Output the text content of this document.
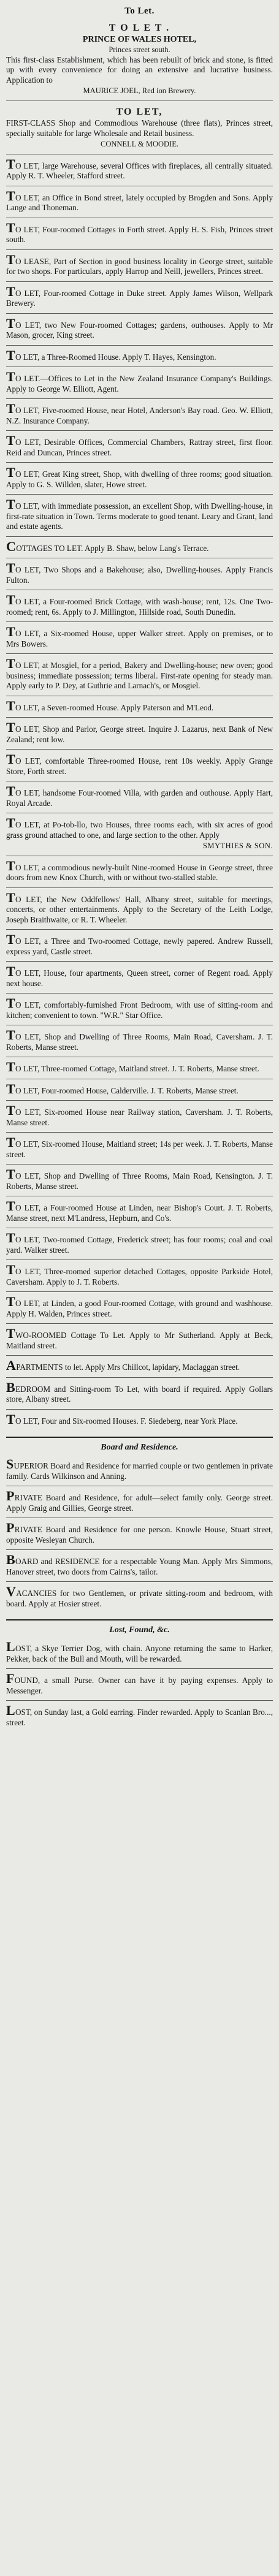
To Let.
T O L E T .
PRINCE OF WALES HOTEL,
Princes street south.
This first-class Establishment, which has been rebuilt of brick and stone, is fitted up with every convenience for doing an extensive and lucrative business. Application to
MAURICE JOEL, Red ion Brewery.
TO LET,
FIRST-CLASS Shop and Commodious Warehouse (three flats), Princes street, specially suitable for large Wholesale and Retail business.
CONNELL & MOODIE.
TO LET, large Warehouse, several Offices with fireplaces, all centrally situated. Apply R. T. Wheeler, Stafford street.
TO LET, an Office in Bond street, lately occupied by Brogden and Sons. Apply Lange and Thoneman.
TO LET, Four-roomed Cottages in Forth street. Apply H. S. Fish, Princes street south.
TO LEASE, Part of Section in good business locality in George street, suitable for two shops. For particulars, apply Harrop and Neill, jewellers, Princes street.
TO LET, Four-roomed Cottage in Duke street. Apply James Wilson, Wellpark Brewery.
TO LET, two New Four-roomed Cottages; gardens, outhouses. Apply to Mr Mason, grocer, King street.
TO LET, a Three-Roomed House. Apply T. Hayes, Kensington.
TO LET.—Offices to Let in the New Zealand Insurance Company's Buildings. Apply to George W. Elliott, Agent.
TO LET, Five-roomed House, near Hotel, Anderson's Bay road. Geo. W. Elliott, N.Z. Insurance Company.
TO LET, Desirable Offices, Commercial Chambers, Rattray street, first floor. Reid and Duncan, Princes street.
TO LET, Great King street, Shop, with dwelling of three rooms; good situation. Apply to G. S. Willden, slater, Howe street.
TO LET, with immediate possession, an excellent Shop, with Dwelling-house, in first-rate situation in Town. Terms moderate to good tenant. Leary and Grant, land and estate agents.
COTTAGES TO LET. Apply B. Shaw, below Lang's Terrace.
TO LET, Two Shops and a Bakehouse; also, Dwelling-houses. Apply Francis Fulton.
TO LET, a Four-roomed Brick Cottage, with wash-house; rent, 12s. One Two-roomed; rent, 6s. Apply to J. Millington, Hillside road, South Dunedin.
TO LET, a Six-roomed House, upper Walker street. Apply on premises, or to Mrs Bowers.
TO LET, at Mosgiel, for a period, Bakery and Dwelling-house; new oven; good business; immediate possession; terms liberal. First-rate opening for steady man. Apply early to P. Dey, at Guthrie and Larnach's, or Mosgiel.
TO LET, a Seven-roomed House. Apply Paterson and M'Leod.
TO LET, Shop and Parlor, George street. Inquire J. Lazarus, next Bank of New Zealand; rent low.
TO LET, comfortable Three-roomed House, rent 10s weekly. Apply Grange Store, Forth street.
TO LET, handsome Four-roomed Villa, with garden and outhouse. Apply Hart, Royal Arcade.
TO LET, at Po-tob-llo, two Houses, three rooms each, with six acres of good grass ground attached to one, and large section to the other. Apply
SMYTHIES & SON.
TO LET, a commodious newly-built Nine-roomed House in George street, three doors from new Knox Church, with or without two-stalled stable.
TO LET, the New Oddfellows' Hall, Albany street, suitable for meetings, concerts, or other entertainments. Apply to the Secretary of the Leith Lodge, Joseph Braithwaite, or R. T. Wheeler.
TO LET, a Three and Two-roomed Cottage, newly papered. Andrew Russell, express yard, Castle street.
TO LET, House, four apartments, Queen street, corner of Regent road. Apply next house.
TO LET, comfortably-furnished Front Bedroom, with use of sitting-room and kitchen; convenient to town. "W.R." Star Office.
TO LET, Shop and Dwelling of Three Rooms, Main Road, Caversham. J. T. Roberts, Manse street.
TO LET, Three-roomed Cottage, Maitland street. J. T. Roberts, Manse street.
TO LET, Four-roomed House, Calderville. J. T. Roberts, Manse street.
TO LET, Six-roomed House near Railway station, Caversham. J. T. Roberts, Manse street.
TO LET, Six-roomed House, Maitland street; 14s per week. J. T. Roberts, Manse street.
TO LET, Shop and Dwelling of Three Rooms, Main Road, Kensington. J. T. Roberts, Manse street.
TO LET, a Four-roomed House at Linden, near Bishop's Court. J. T. Roberts, Manse street, next M'Landress, Hepburn, and Co's.
TO LET, Two-roomed Cottage, Frederick street; has four rooms; coal and coal yard. Walker street.
TO LET, Three-roomed superior detached Cottages, opposite Parkside Hotel, Caversham. Apply to J. T. Roberts.
TO LET, at Linden, a good Four-roomed Cottage, with ground and washhouse. Apply H. Walden, Princes street.
TWO-ROOMED Cottage To Let. Apply to Mr Sutherland. Apply at Beck, Maitland street.
APARTMENTS to let. Apply Mrs Chillcot, lapidary, Maclaggan street.
BEDROOM and Sitting-room To Let, with board if required. Apply Gollars store, Albany street.
TO LET, Four and Six-roomed Houses. F. Siedeberg, near York Place.
Board and Residence.
SUPERIOR Board and Residence for married couple or two gentlemen in private family. Cards Wilkinson and Anning.
PRIVATE Board and Residence, for adult—select family only. George street. Apply Graig and Gillies, George street.
PRIVATE Board and Residence for one person. Knowle House, Stuart street, opposite Wesleyan Church.
BOARD and RESIDENCE for a respectable Young Man. Apply Mrs Simmons, Hanover street, two doors from Cairns's, tailor.
VACANCIES for two Gentlemen, or private sitting-room and bedroom, with board. Apply at Hosier street.
Lost, Found, &c.
LOST, a Skye Terrier Dog, with chain. Anyone returning the same to Harker, Pekker, back of the Bull and Mouth, will be rewarded.
FOUND, a small Purse. Owner can have it by paying expenses. Apply to Messenger.
LOST, on Sunday last, a Gold earring. Finder rewarded. Apply to Scanlan Bro..., street.
